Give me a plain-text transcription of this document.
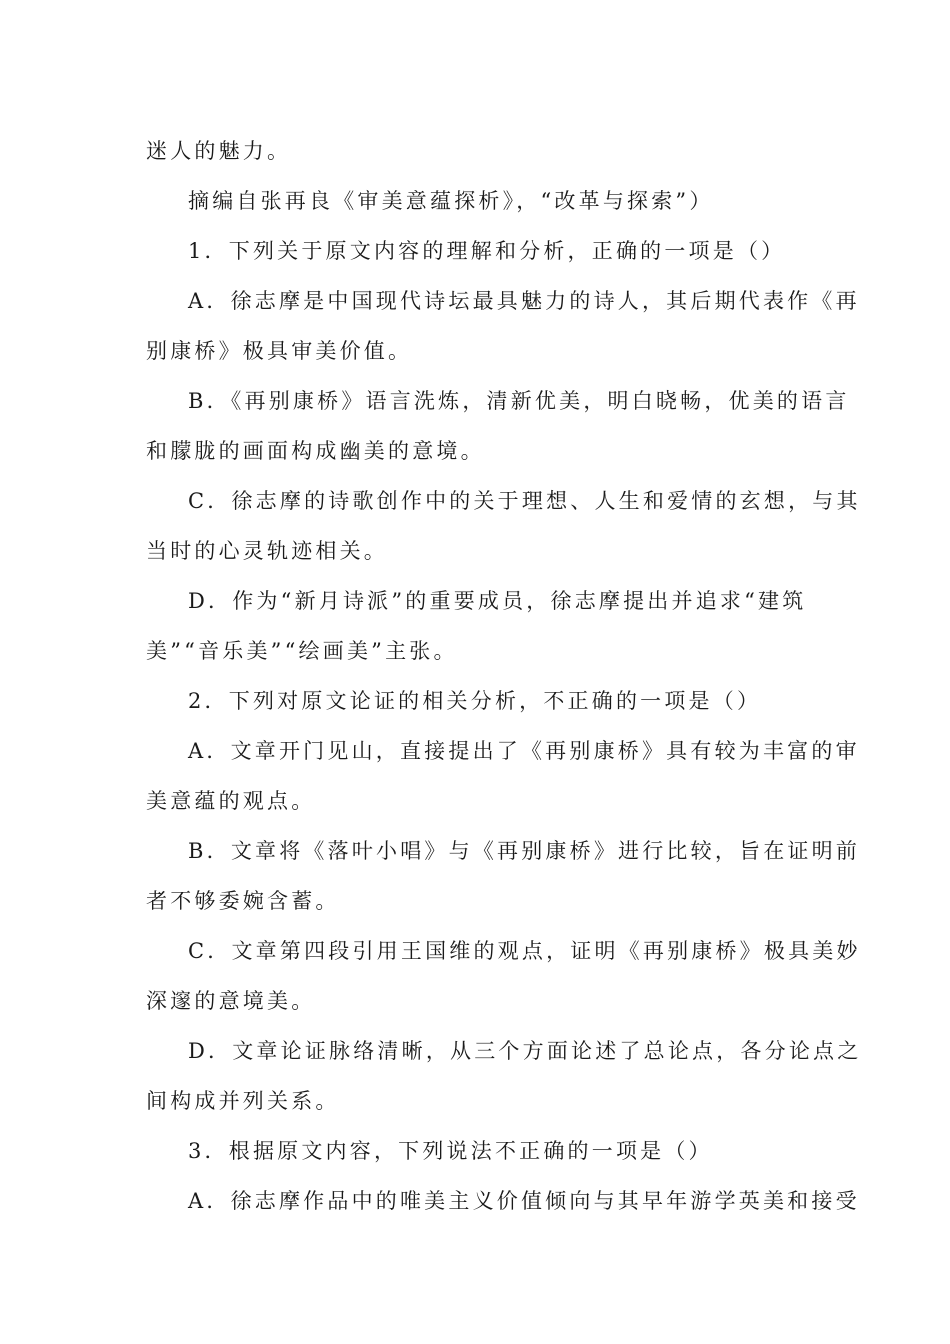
迷人的魅力。
摘编自张再良《审美意蕴探析》，“改革与探索”）
1．下列关于原文内容的理解和分析，正确的一项是（）
A．徐志摩是中国现代诗坛最具魅力的诗人，其后期代表作《再
别康桥》极具审美价值。
B．《再别康桥》语言洗炼，清新优美，明白晓畅，优美的语言
和朦胧的画面构成幽美的意境。
C．徐志摩的诗歌创作中的关于理想、人生和爱情的玄想，与其
当时的心灵轨迹相关。
D．作为“新月诗派”的重要成员，徐志摩提出并追求“建筑
美”“音乐美”“绘画美”主张。
2．下列对原文论证的相关分析，不正确的一项是（）
A．文章开门见山，直接提出了《再别康桥》具有较为丰富的审
美意蕴的观点。
B．文章将《落叶小唱》与《再别康桥》进行比较，旨在证明前
者不够委婉含蓄。
C．文章第四段引用王国维的观点，证明《再别康桥》极具美妙
深邃的意境美。
D．文章论证脉络清晰，从三个方面论述了总论点，各分论点之
间构成并列关系。
3．根据原文内容，下列说法不正确的一项是（）
A．徐志摩作品中的唯美主义价值倾向与其早年游学英美和接受
